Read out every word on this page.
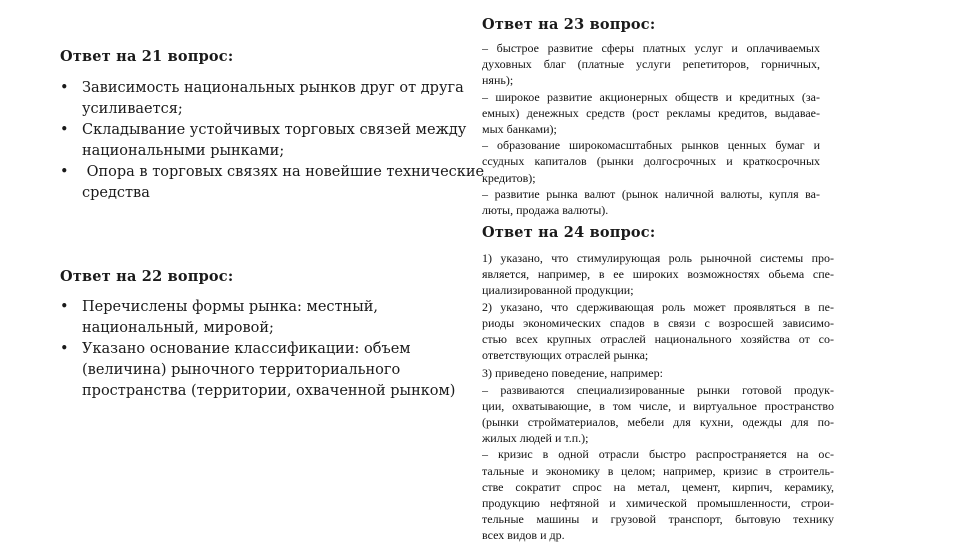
Ответ на 21 вопрос:
• Зависимость национальных рынков друг от друга
усиливается;
• Складывание устойчивых торговых связей между
национальными рынками;
• Опора в торговых связях на новейшие технические
средства
Ответ на 22 вопрос:
• Перечислены формы рынка: местный,
национальный, мировой;
• Указано основание классификации: объем
(величина) рыночного территориального
пространства (территории, охваченной рынком)
Ответ на 23 вопрос:
– быстрое развитие сферы платных услуг и оплачиваемых
духовных благ (платные услуги репетиторов, горничных,
нянь);
– широкое развитие акционерных обществ и кредитных (за-
емных) денежных средств (рост рекламы кредитов, выдавае-
мых банками);
– образование широкомасштабных рынков ценных бумаг и
ссудных капиталов (рынки долгосрочных и краткосрочных
кредитов);
– развитие рынка валют (рынок наличной валюты, купля ва-
люты, продажа валюты).
Ответ на 24 вопрос:
1) указано, что стимулирующая роль рыночной системы про-
является, например, в ее широких возможностях обьема спе-
циализированной продукции;
2) указано, что сдерживающая роль может проявляться в пе-
риоды экономических спадов в связи с возросшей зависимо-
стью всех крупных отраслей национального хозяйства от со-
ответствующих отраслей рынка;
3) приведено поведение, например:
– развиваются специализированные рынки готовой продук-
ции, охватывающие, в том числе, и виртуальное пространство
(рынки стройматериалов, мебели для кухни, одежды для по-
жилых людей и т.п.);
– кризис в одной отрасли быстро распространяется на ос-
тальные и экономику в целом; например, кризис в строитель-
стве сократит спрос на метал, цемент, кирпич, керамику,
продукцию нефтяной и химической промышленности, строи-
тельные машины и грузовой транспорт, бытовую технику
всех видов и др.
